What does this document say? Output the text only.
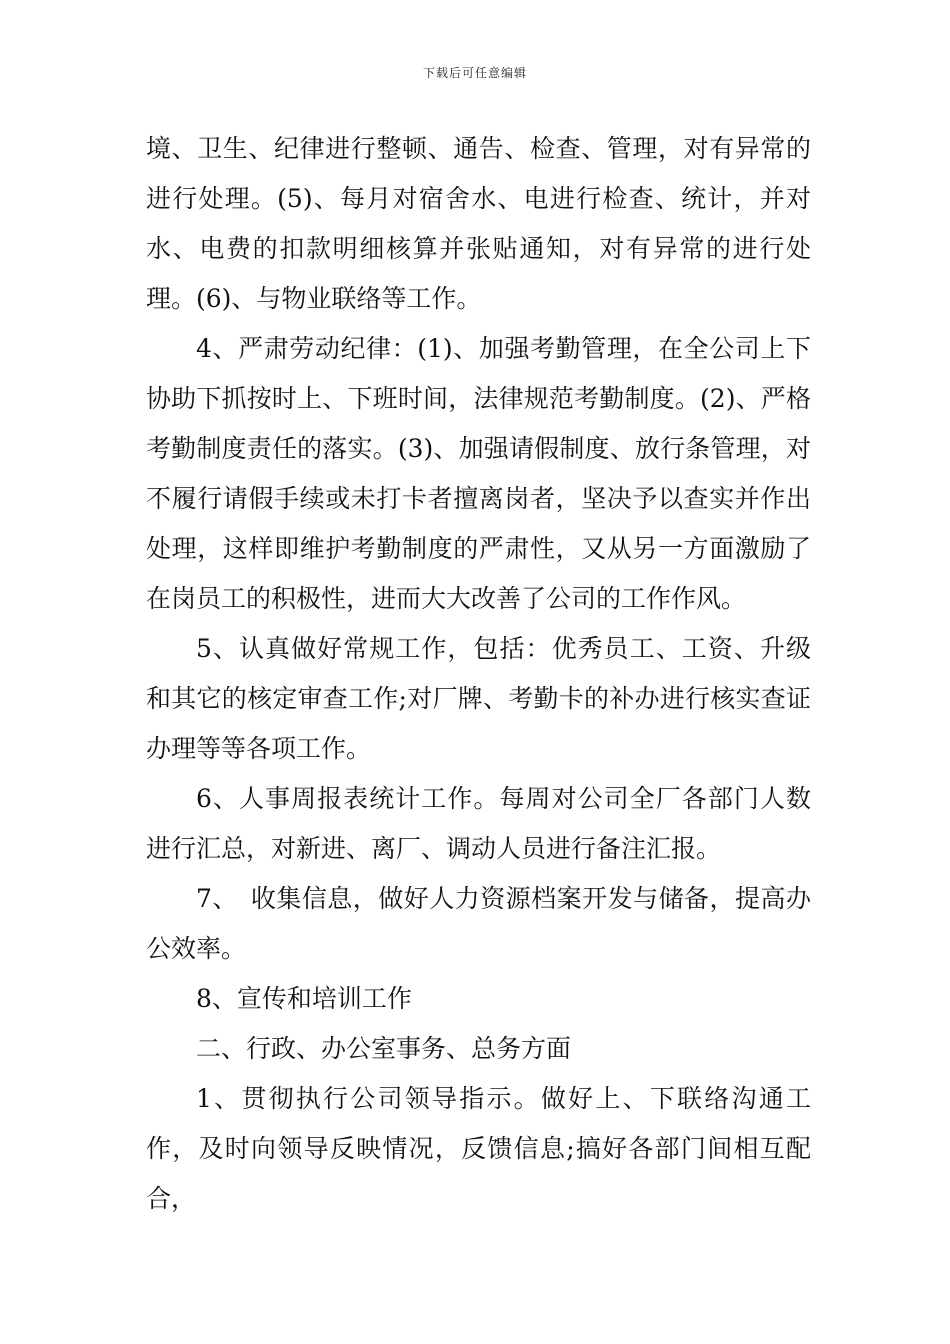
下载后可任意编辑

境、卫生、纪律进行整顿、通告、检查、管理，对有异常的进行处理。(5)、每月对宿舍水、电进行检查、统计，并对水、电费的扣款明细核算并张贴通知，对有异常的进行处理。(6)、与物业联络等工作。

4、严肃劳动纪律：(1)、加强考勤管理，在全公司上下协助下抓按时上、下班时间，法律规范考勤制度。(2)、严格考勤制度责任的落实。(3)、加强请假制度、放行条管理，对不履行请假手续或未打卡者擅离岗者，坚决予以查实并作出处理，这样即维护考勤制度的严肃性，又从另一方面激励了在岗员工的积极性，进而大大改善了公司的工作作风。

5、认真做好常规工作，包括：优秀员工、工资、升级和其它的核定审查工作;对厂牌、考勤卡的补办进行核实查证办理等等各项工作。

6、人事周报表统计工作。每周对公司全厂各部门人数进行汇总，对新进、离厂、调动人员进行备注汇报。

7、　收集信息，做好人力资源档案开发与储备，提高办公效率。

8、宣传和培训工作

二、行政、办公室事务、总务方面

1、贯彻执行公司领导指示。做好上、下联络沟通工作，及时向领导反映情况，反馈信息;搞好各部门间相互配合，
